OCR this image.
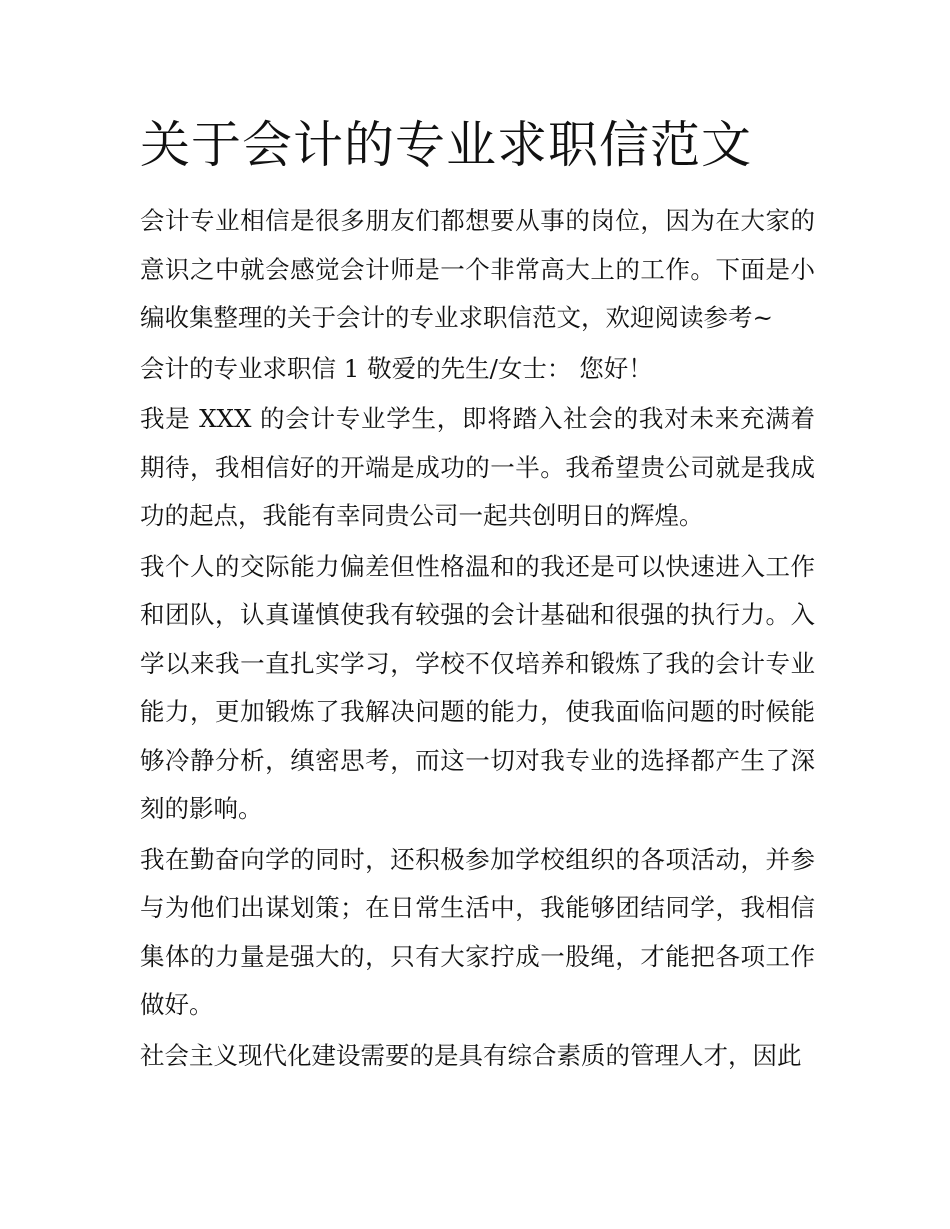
关于会计的专业求职信范文

会计专业相信是很多朋友们都想要从事的岗位，因为在大家的意识之中就会感觉会计师是一个非常高大上的工作。下面是小编收集整理的关于会计的专业求职信范文，欢迎阅读参考~

会计的专业求职信 1 敬爱的先生/女士： 您好！

我是 XXX 的会计专业学生，即将踏入社会的我对未来充满着期待，我相信好的开端是成功的一半。我希望贵公司就是我成功的起点，我能有幸同贵公司一起共创明日的辉煌。

我个人的交际能力偏差但性格温和的我还是可以快速进入工作和团队，认真谨慎使我有较强的会计基础和很强的执行力。入学以来我一直扎实学习，学校不仅培养和锻炼了我的会计专业能力，更加锻炼了我解决问题的能力，使我面临问题的时候能够冷静分析，缜密思考，而这一切对我专业的选择都产生了深刻的影响。

我在勤奋向学的同时，还积极参加学校组织的各项活动，并参与为他们出谋划策；在日常生活中，我能够团结同学，我相信集体的力量是强大的，只有大家拧成一股绳，才能把各项工作做好。

社会主义现代化建设需要的是具有综合素质的管理人才，因此
